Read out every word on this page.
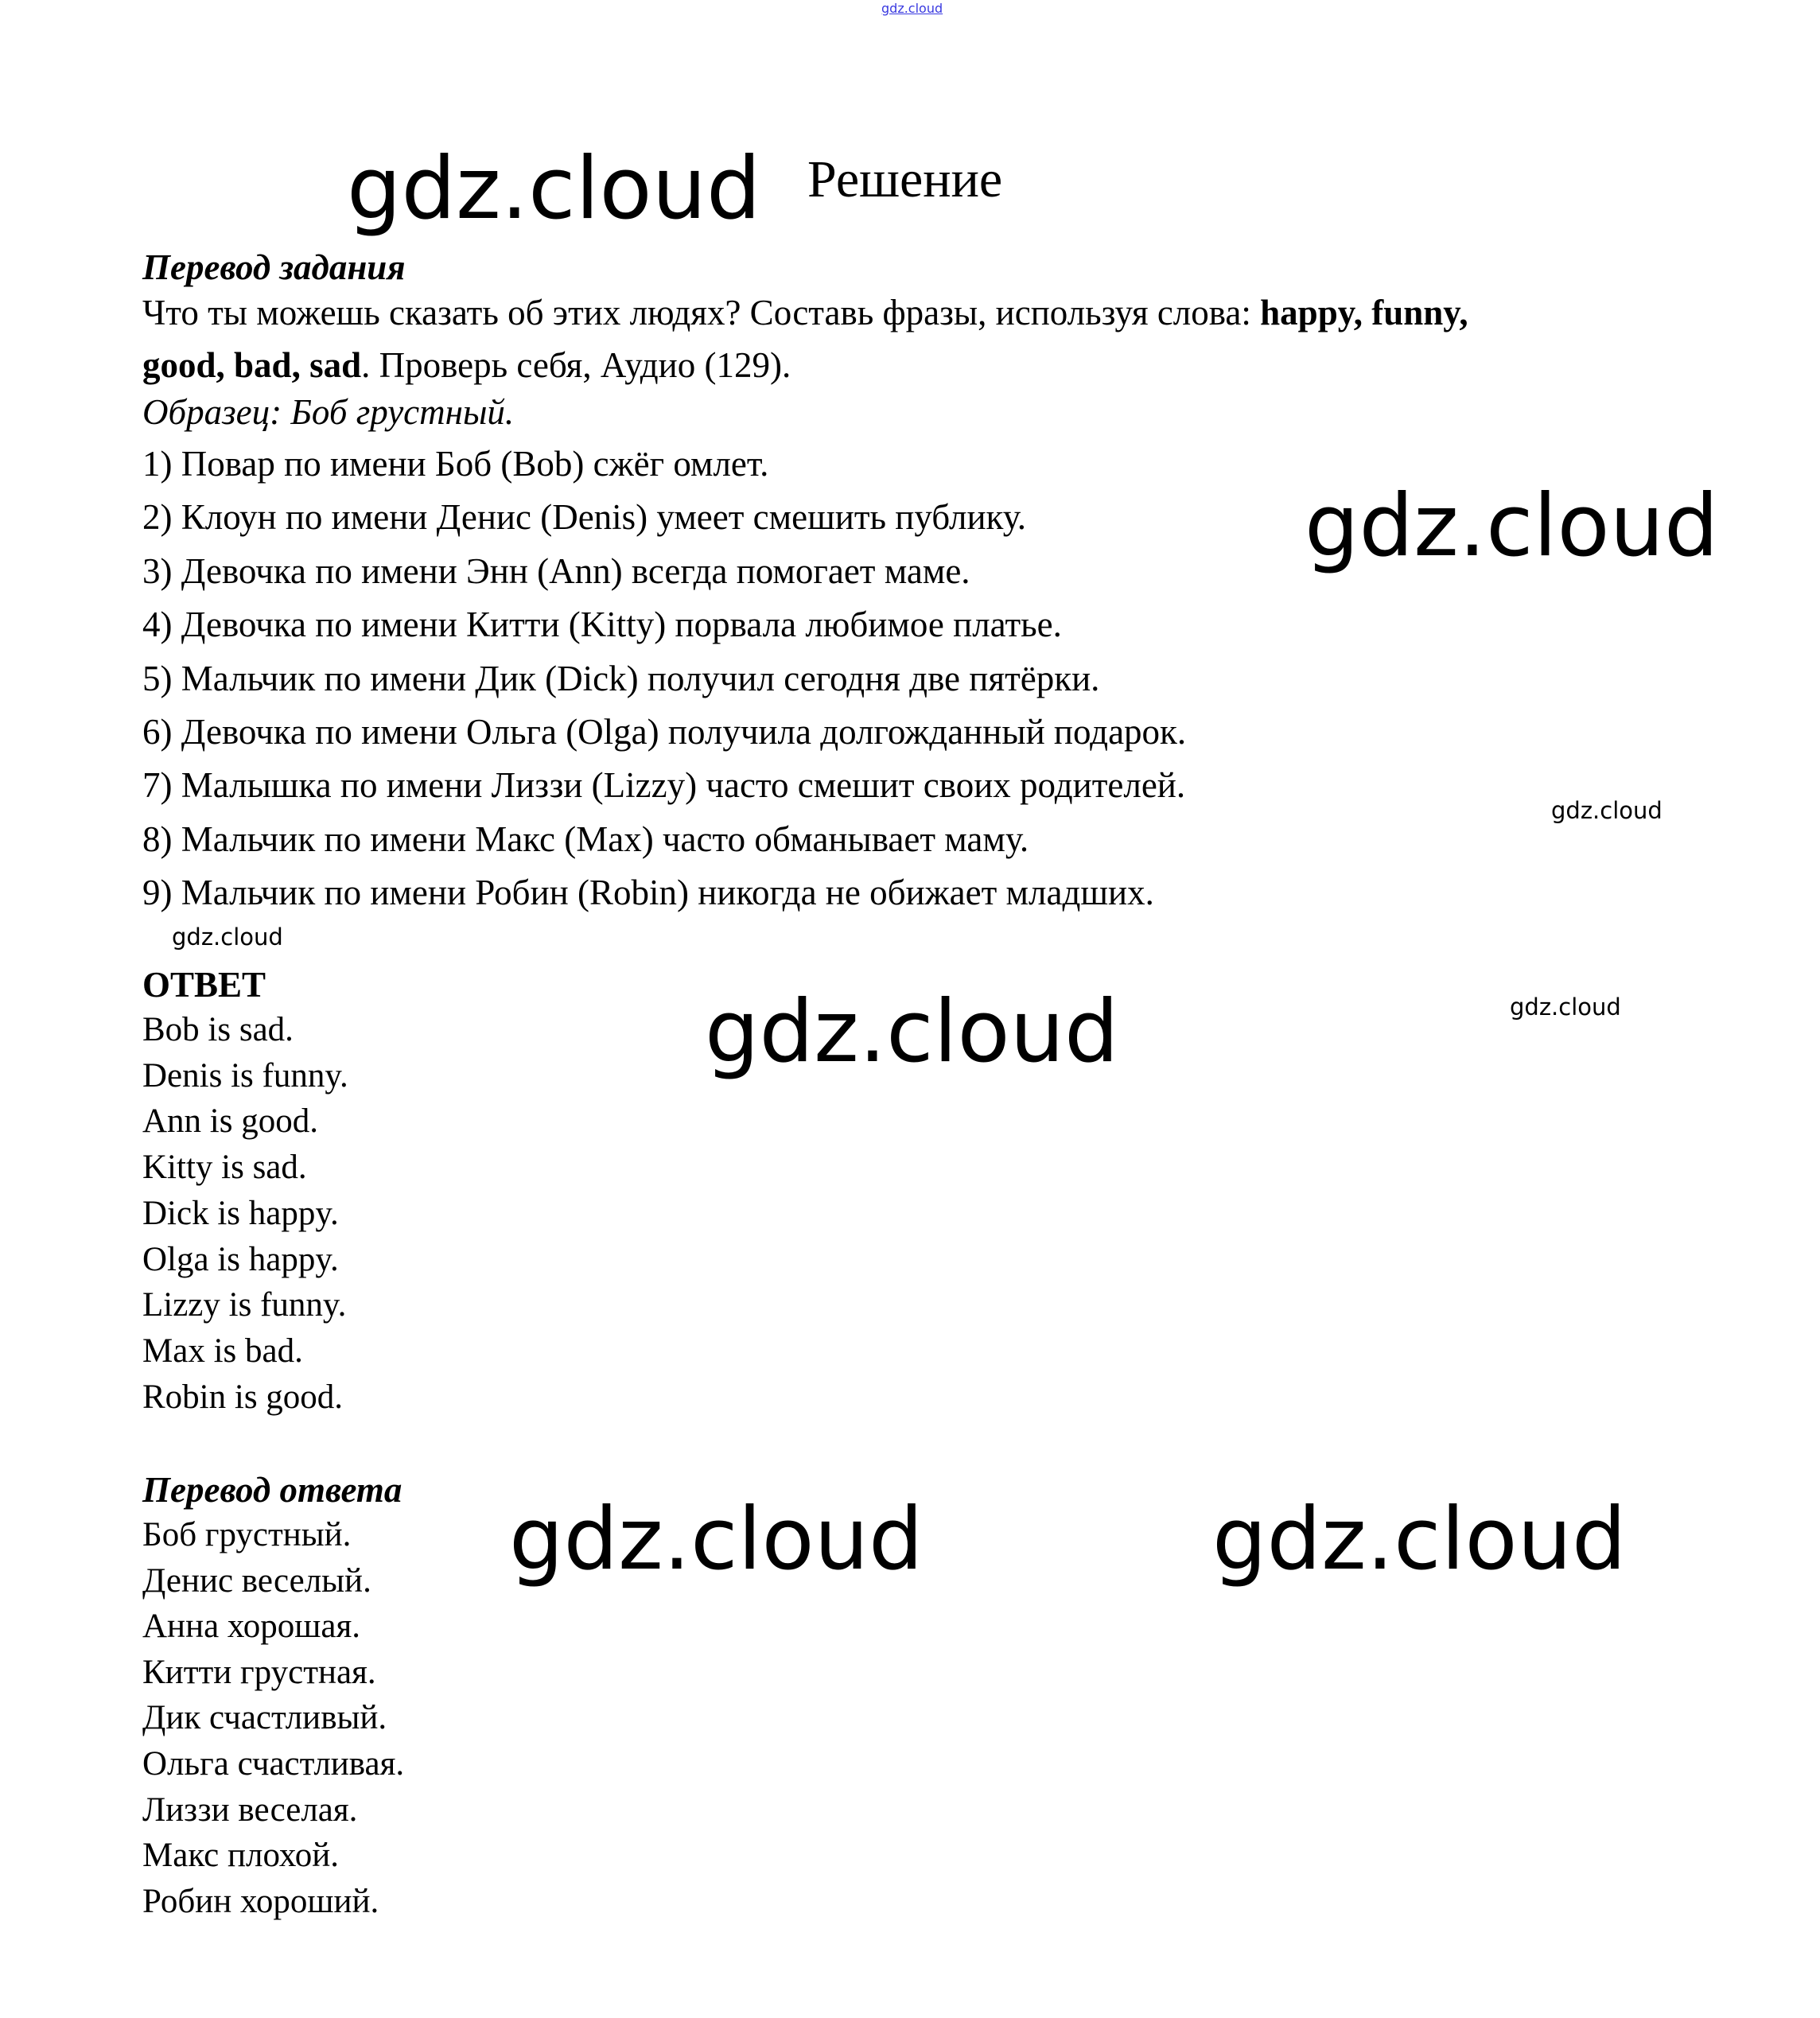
gdz.cloud
gdz.cloud
gdz.cloud
gdz.cloud
gdz.cloud
gdz.cloud	gdz.cloud
gdz.cloud	gdz.cloud
Решение
Перевод задания
Что ты можешь сказать об этих людях? Составь фразы, используя слова: happy, funny,
good, bad, sad. Проверь себя, Аудио (129).
Образец: Боб грустный.
1) Повар по имени Боб (Bob) сжёг омлет.
2) Клоун по имени Денис (Denis) умеет смешить публику.
3) Девочка по имени Энн (Ann) всегда помогает маме.
4) Девочка по имени Китти (Kitty) порвала любимое платье.
5) Мальчик по имени Дик (Dick) получил сегодня две пятёрки.
6) Девочка по имени Ольга (Olga) получила долгожданный подарок.
7) Малышка по имени Лиззи (Lizzy) часто смешит своих родителей.
8) Мальчик по имени Макс (Max) часто обманывает маму.
9) Мальчик по имени Робин (Robin) никогда не обижает младших.
ОТВЕТ
Bob is sad.
Denis is funny.
Ann is good.
Kitty is sad.
Dick is happy.
Olga is happy.
Lizzy is funny.
Max is bad.
Robin is good.
Перевод ответа
Боб грустный.
Денис веселый.
Анна хорошая.
Китти грустная.
Дик счастливый.
Ольга счастливая.
Лиззи веселая.
Макс плохой.
Робин хороший.
